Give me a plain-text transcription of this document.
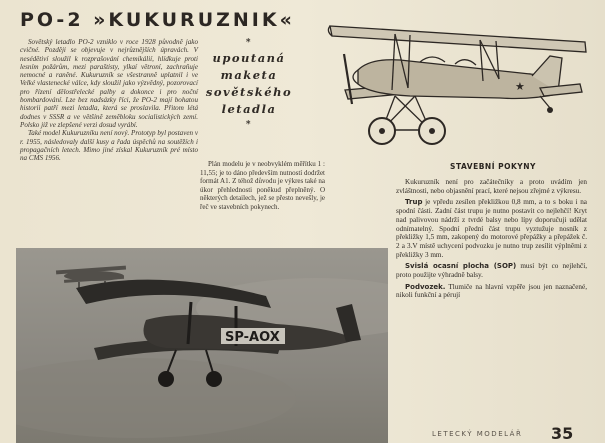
PO-2 »KUKURUZNIK«

Sovětský letadlo PO-2 vzniklo v roce 1928 původně jako cvičné. Později se objevuje v nejrůznějších úpravách. V nesédětiví sloužil k rozprašování chemikálií, hlídkuje proti lesním požárům, mezi paraštisty, ylkaí větroní, zachraňuje nemocné a raněné. Kukuruzník se všestranně uplatnil i ve Velké vlastenecké válce, kdy sloužil jako výzvědný, pozorovací pro řízení dělostřelecké palby a dokonce i pro noční bombardování. Lze bez nadsázky říci, že PO-2 mají bohatou historii patří mezi letadla, která se proslavila. Přitom létá dodnes v SSSR a ve většině zeměbloku socialistických zemí. Polsko již ve zlepšené verzi dosud vyrábí.

Také model Kukuruzníku není nový. Prototyp byl postaven v r. 1955, následovaly další kusy a řada úspěchů na soutěžích i propagačních letech. Mimo jiné získal Kukuruzník pré místo na CMS 1956.

*
upoutaná
maketa
sovětského
letadla
*
★

Plán modelu je v neobvyklém měřítku 1 : 11,55; je to dáno především nutností dodržet formát A1. Z téhož důvodu je výkres také na úkor přehlednosti poněkud přeplněný. O některých detailech, jež se přesto nevešly, je řeč ve stavebních pokynech.

STAVEBNÍ POKYNY

Kukuruzník není pro začátečníky a proto uvádím jen zvláštnosti, nebo objasnění prací, které nejsou zřejmé z výkresu.

Trup je vpředu zesílen překližkou 0,8 mm, a to s boku i na spodní části. Zadní část trupu je nutno postavit co nejlehčí! Kryt nad palivovou nádrží z tvrdé balsy nebo lípy doporučuji udělat odnímatelný. Spodní přední část trupu vyztužuje nosník z překližky 1,5 mm, zakopený do motorové přepážky a přepážek č. 2 a 3.V místě uchycení podvozku je nutno trup zesílit výplněmi z překližky 3 mm.

Svislá ocasní plocha (SOP) musí být co nejlehčí, proto použijte výhradně balsy.

Podvozek. Tlumiče na hlavní vzpěře jsou jen naznačené, nikoli funkční a pérují

SP-AOX
LETECKÝ MODELÁŘ 35
